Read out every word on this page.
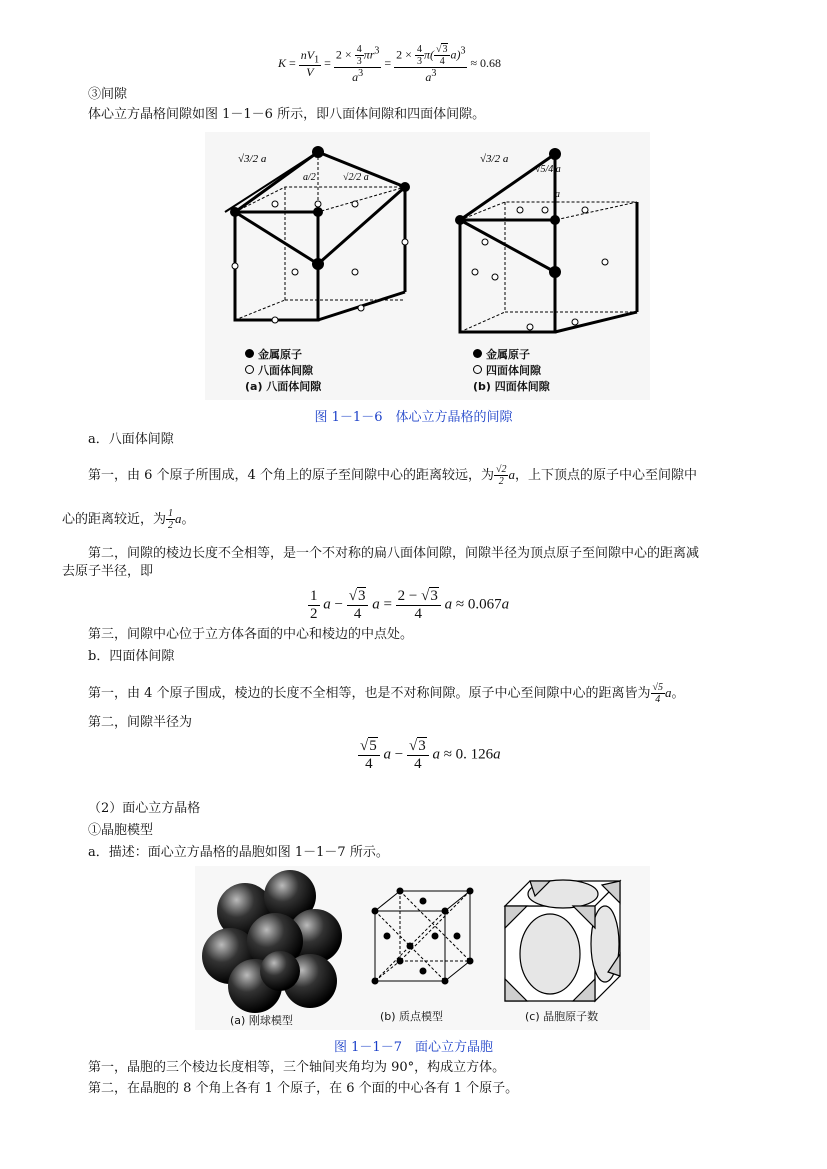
$K = \frac{nV_1}{V} = \frac{2 \times \frac{4}{3} \pi r^3}{a^3} = \frac{2 \times \frac{4}{3} \pi( \frac{√3}{4} a)^3}{a^3} \approx 0.68$
③间隙
体心立方晶格间隙如图 1－1－6 所示，即八面体间隙和四面体间隙。
√3/2 a
a/2	√2/2 a
√3/2 a
√5/4 a
a
金属原子
八面体间隙
(a) 八面体间隙
金属原子
四面体间隙
(b) 四面体间隙
图 1－1－6　体心立方晶格的间隙
a．八面体间隙
第一，由 6 个原子所围成，4 个角上的原子至间隙中心的距离较远，为 $\frac{√2}{2}$ a，上下顶点的原子中心至间隙中
心的距离较近，为 $\frac{1}{2}$ a。
第二，间隙的棱边长度不全相等，是一个不对称的扁八面体间隙，间隙半径为顶点原子至间隙中心的距离减
去原子半径，即
$\frac{1}{2}$ $a - \frac{√3}{4}$ $a = \frac{2 - √3}{4}$ a ≈ 0.067a
第三，间隙中心位于立方体各面的中心和棱边的中点处。
b．四面体间隙
第一，由 4 个原子围成，棱边的长度不全相等，也是不对称间隙。原子中心至间隙中心的距离皆为 $\frac{√5}{4}$ a。
第二，间隙半径为
$\frac{√5}{4}$ $a - \frac{√3}{4}$ a ≈ 0. 126a
（2）面心立方晶格
①晶胞模型
a．描述：面心立方晶格的晶胞如图 1－1－7 所示。
(a) 刚球模型	(b) 质点模型	(c) 晶胞原子数
图 1－1－7　面心立方晶胞
第一，晶胞的三个棱边长度相等，三个轴间夹角均为 90°，构成立方体。
第二，在晶胞的 8 个角上各有 1 个原子，在 6 个面的中心各有 1 个原子。
